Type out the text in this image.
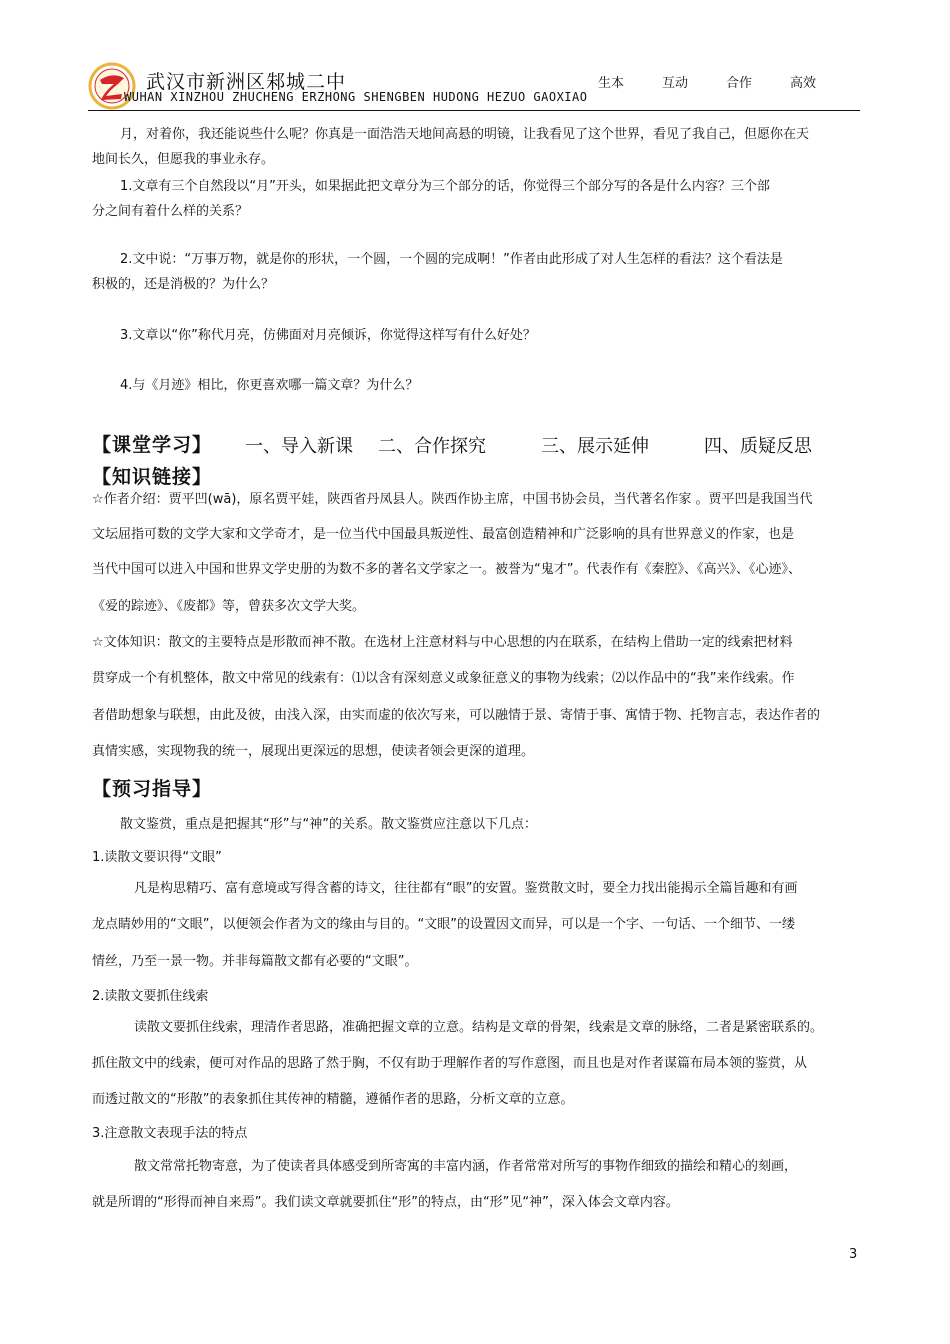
武汉市新洲区邾城二中
WUHAN XINZHOU ZHUCHENG ERZHONG SHENGBEN HUDONG HEZUO GAOXIAO
生本	互动	合作	高效
月，对着你，我还能说些什么呢？你真是一面浩浩天地间高悬的明镜，让我看见了这个世界，看见了我自己，但愿你在天
地间长久，但愿我的事业永存。
1.文章有三个自然段以“月”开头，如果据此把文章分为三个部分的话，你觉得三个部分写的各是什么内容？三个部
分之间有着什么样的关系？
2.文中说：“万事万物，就是你的形状，一个圆，一个圆的完成啊！”作者由此形成了对人生怎样的看法？这个看法是
积极的，还是消极的？为什么？
3.文章以“你”称代月亮，仿佛面对月亮倾诉，你觉得这样写有什么好处？
4.与《月迹》相比，你更喜欢哪一篇文章？为什么？
【课堂学习】 一、导入新课 二、合作探究	三、展示延伸	四、质疑反思
【知识链接】
☆作者介绍：贾平凹(wā)，原名贾平娃，陕西省丹凤县人。陕西作协主席，中国书协会员，当代著名作家 。贾平凹是我国当代
文坛屈指可数的文学大家和文学奇才，是一位当代中国最具叛逆性、最富创造精神和广泛影响的具有世界意义的作家，也是
当代中国可以进入中国和世界文学史册的为数不多的著名文学家之一。被誉为“鬼才”。代表作有《秦腔》、《高兴》、《心迹》、
《爱的踪迹》、《废都》等，曾获多次文学大奖。
☆文体知识：散文的主要特点是形散而神不散。在选材上注意材料与中心思想的内在联系，在结构上借助一定的线索把材料
贯穿成一个有机整体，散文中常见的线索有：⑴以含有深刻意义或象征意义的事物为线索；⑵以作品中的“我”来作线索。作
者借助想象与联想，由此及彼，由浅入深，由实而虚的依次写来，可以融情于景、寄情于事、寓情于物、托物言志，表达作者的
真情实感，实现物我的统一，展现出更深远的思想，使读者领会更深的道理。
【预习指导】
散文鉴赏，重点是把握其“形”与“神”的关系。散文鉴赏应注意以下几点：
1.读散文要识得“文眼”
凡是构思精巧、富有意境或写得含蓄的诗文，往往都有“眼”的安置。鉴赏散文时，要全力找出能揭示全篇旨趣和有画
龙点睛妙用的“文眼”，以便领会作者为文的缘由与目的。“文眼”的设置因文而异，可以是一个字、一句话、一个细节、一缕
情丝，乃至一景一物。并非每篇散文都有必要的“文眼”。
2.读散文要抓住线索
读散文要抓住线索，理清作者思路，准确把握文章的立意。结构是文章的骨架，线索是文章的脉络，二者是紧密联系的。
抓住散文中的线索，便可对作品的思路了然于胸，不仅有助于理解作者的写作意图，而且也是对作者谋篇布局本领的鉴赏，从
而透过散文的“形散”的表象抓住其传神的精髓，遵循作者的思路，分析文章的立意。
3.注意散文表现手法的特点
散文常常托物寄意，为了使读者具体感受到所寄寓的丰富内涵，作者常常对所写的事物作细致的描绘和精心的刻画，
就是所谓的“形得而神自来焉”。我们读文章就要抓住“形”的特点，由“形”见“神”，深入体会文章内容。
3
